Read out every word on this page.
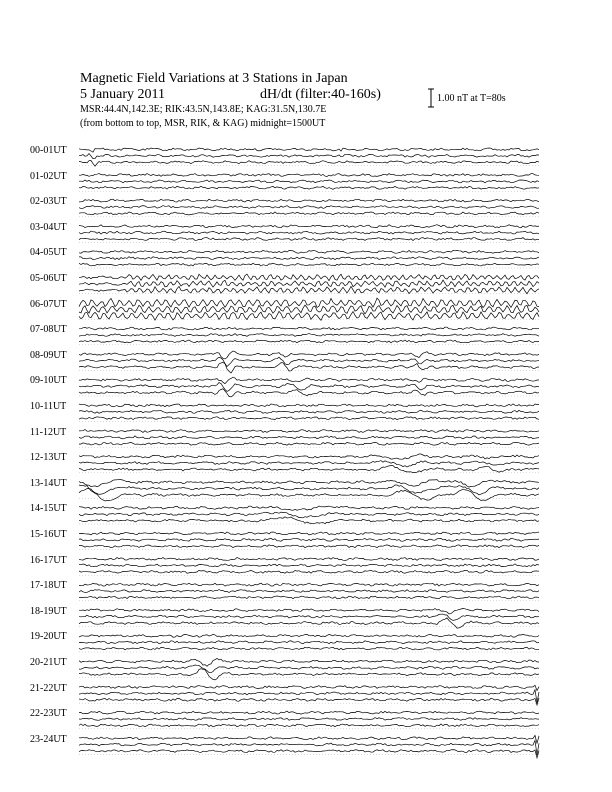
Magnetic Field Variations at 3 Stations in Japan
5 January 2011	dH/dt (filter:40-160s)
MSR:44.4N,142.3E; RIK:43.5N,143.8E; KAG:31.5N,130.7E
(from bottom to top, MSR, RIK, & KAG) midnight=1500UT
1.00 nT at T=80s
00-01UT
01-02UT
02-03UT
03-04UT
04-05UT
05-06UT
06-07UT
07-08UT
08-09UT
09-10UT
10-11UT
11-12UT
12-13UT
13-14UT
14-15UT
15-16UT
16-17UT
17-18UT
18-19UT
19-20UT
20-21UT
21-22UT
22-23UT
23-24UT
